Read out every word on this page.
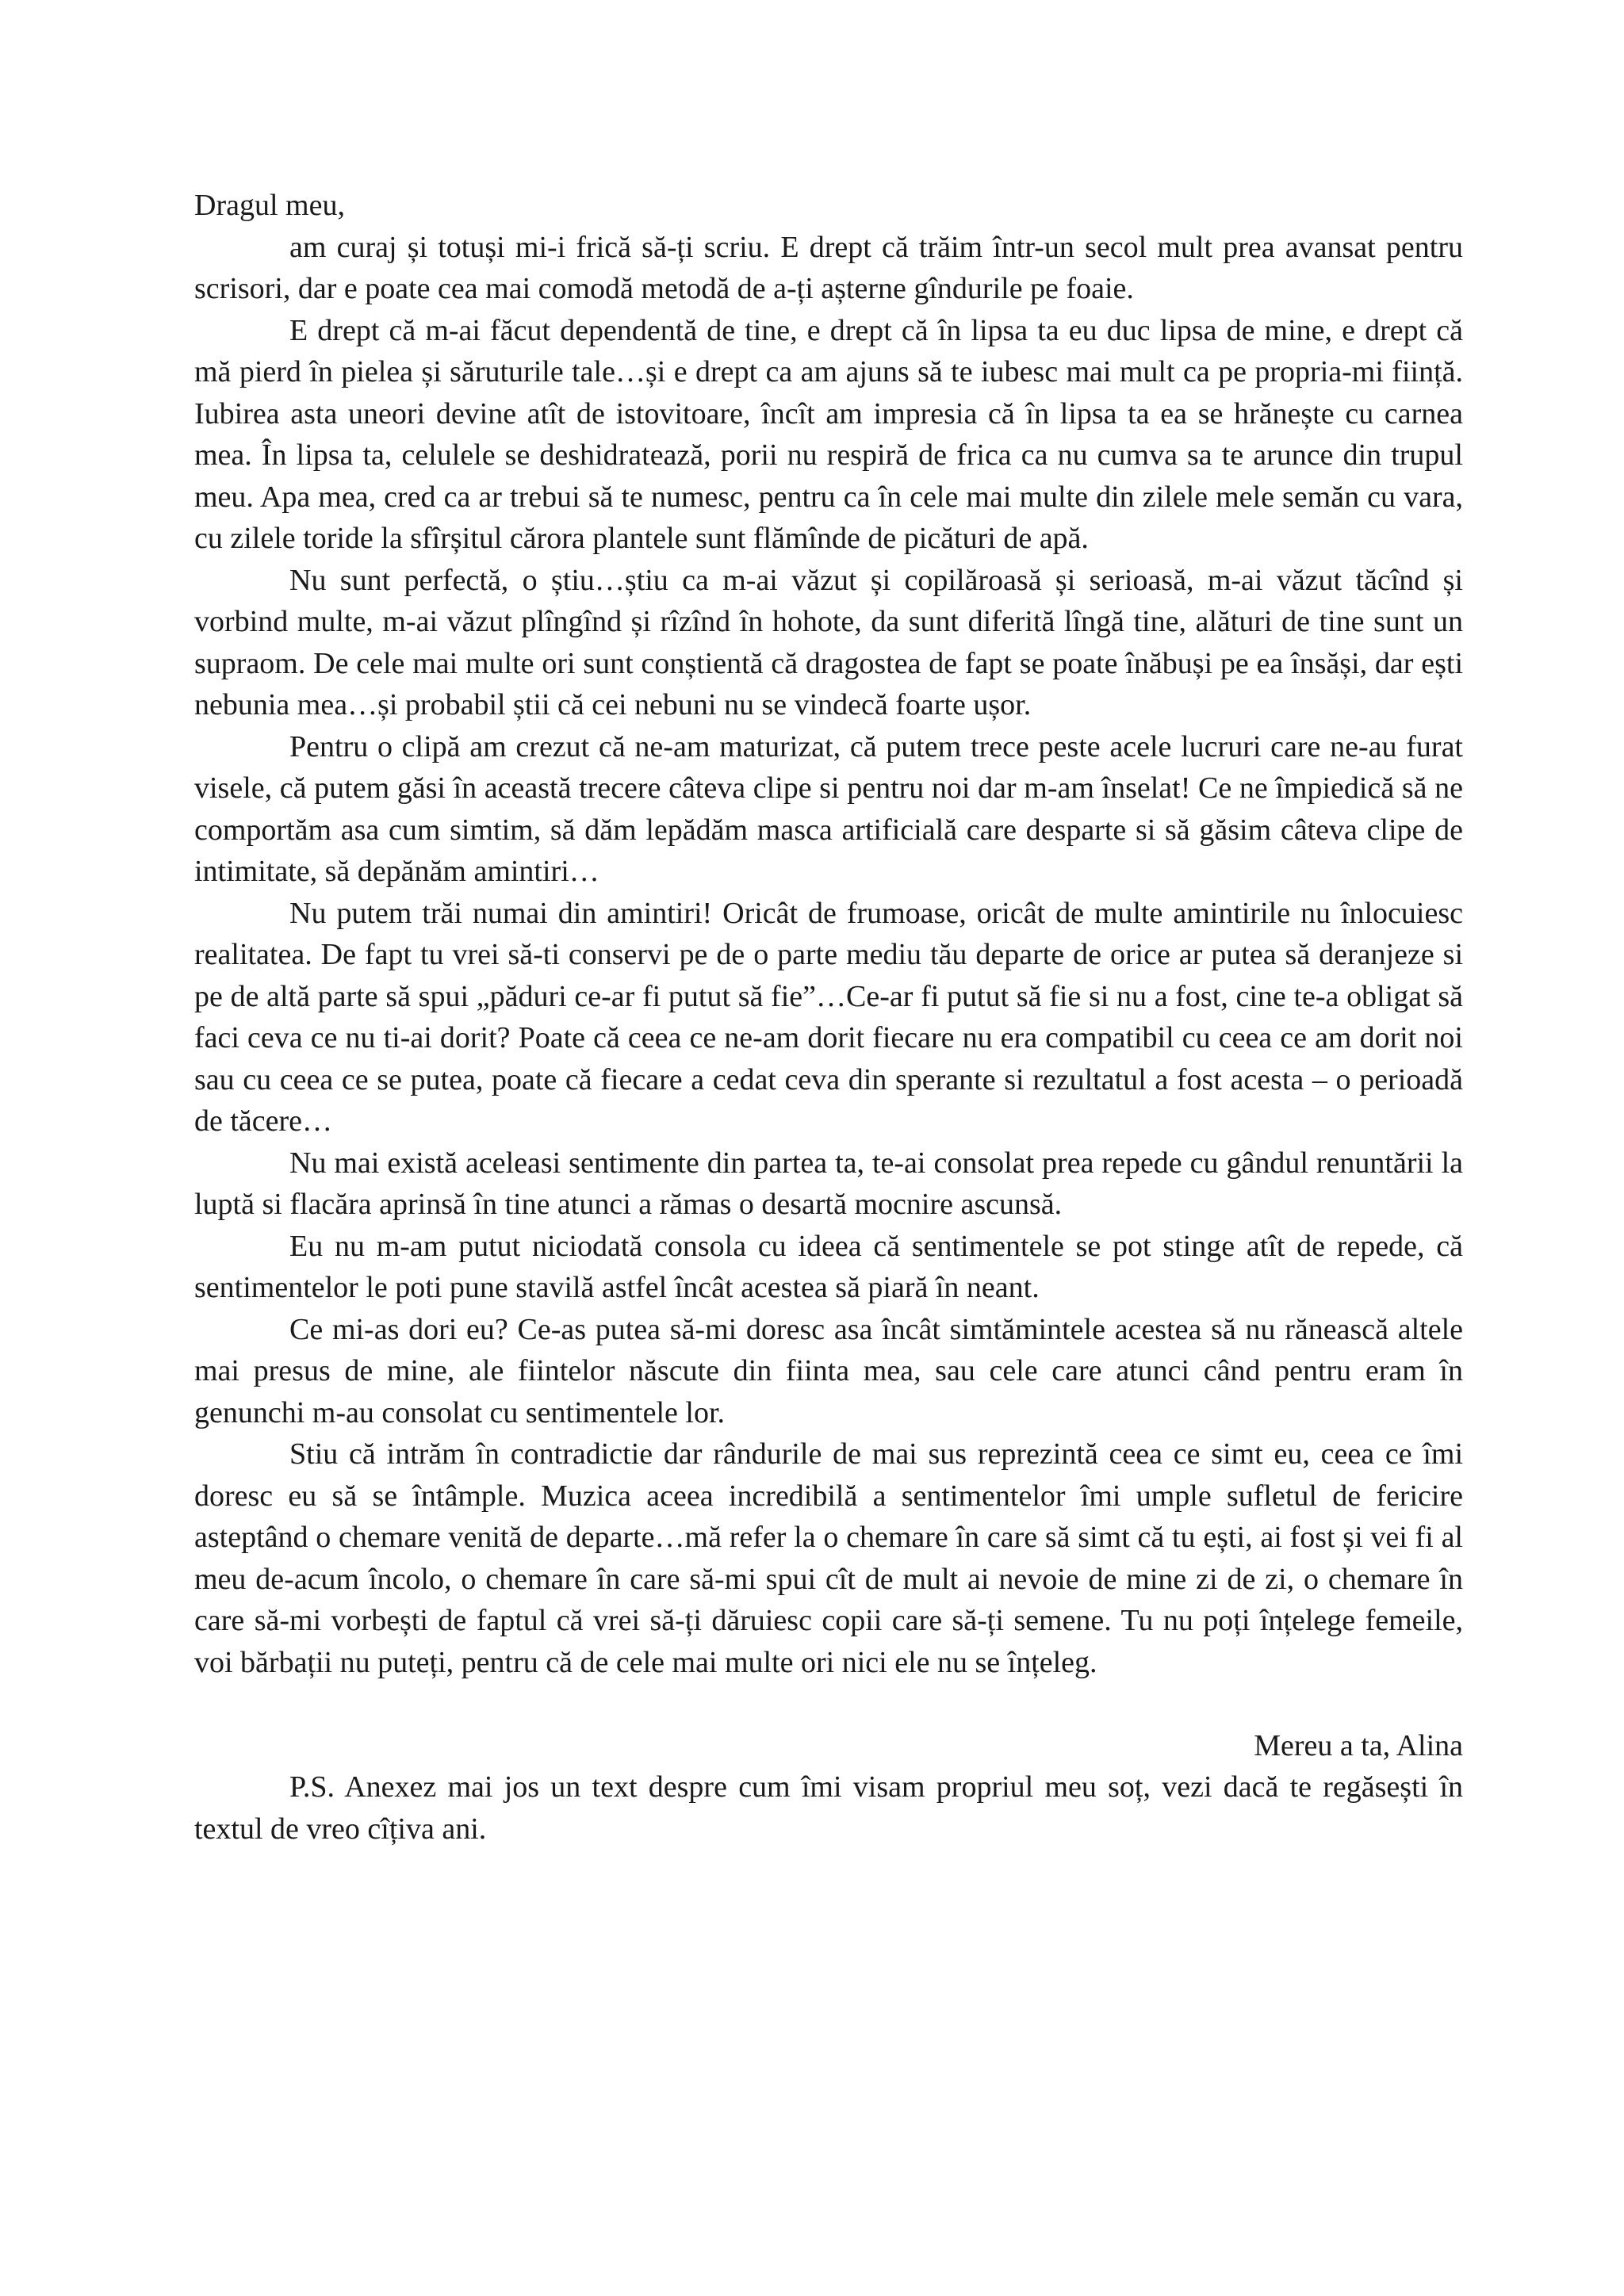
Dragul meu,

am curaj și totuși mi-i frică să-ți scriu. E drept că trăim într-un secol mult prea avansat pentru scrisori, dar e poate cea mai comodă metodă de a-ți așterne gîndurile pe foaie.

E drept că m-ai făcut dependentă de tine, e drept că în lipsa ta eu duc lipsa de mine, e drept că mă pierd în pielea și săruturile tale…și e drept ca am ajuns să te iubesc mai mult ca pe propria-mi ființă. Iubirea asta uneori devine atît de istovitoare, încît am impresia că în lipsa ta ea se hrănește cu carnea mea. În lipsa ta, celulele se deshidratează, porii nu respiră de frica ca nu cumva sa te arunce din trupul meu. Apa mea, cred ca ar trebui să te numesc, pentru ca în cele mai multe din zilele mele semăn cu vara, cu zilele toride la sfîrșitul cărora plantele sunt flămînde de picături de apă.

Nu sunt perfectă, o știu…știu ca m-ai văzut și copilăroasă și serioasă, m-ai văzut tăcînd și vorbind multe, m-ai văzut plîngînd și rîzînd în hohote, da sunt diferită lîngă tine, alături de tine sunt un supraom. De cele mai multe ori sunt conștientă că dragostea de fapt se poate înăbuși pe ea însăși, dar ești nebunia mea…și probabil știi că cei nebuni nu se vindecă foarte ușor.

Pentru o clipă am crezut că ne-am maturizat, că putem trece peste acele lucruri care ne-au furat visele, că putem găsi în această trecere câteva clipe si pentru noi dar m-am înselat! Ce ne împiedică să ne comportăm asa cum simtim, să dăm lepădăm masca artificială care desparte si să găsim câteva clipe de intimitate, să depănăm amintiri…

Nu putem trăi numai din amintiri! Oricât de frumoase, oricât de multe amintirile nu înlocuiesc realitatea. De fapt tu vrei să-ti conservi pe de o parte mediu tău departe de orice ar putea să deranjeze si pe de altă parte să spui „păduri ce-ar fi putut să fie”…Ce-ar fi putut să fie si nu a fost, cine te-a obligat să faci ceva ce nu ti-ai dorit? Poate că ceea ce ne-am dorit fiecare nu era compatibil cu ceea ce am dorit noi sau cu ceea ce se putea, poate că fiecare a cedat ceva din sperante si rezultatul a fost acesta – o perioadă de tăcere…

Nu mai există aceleasi sentimente din partea ta, te-ai consolat prea repede cu gândul renuntării la luptă si flacăra aprinsă în tine atunci a rămas o desartă mocnire ascunsă.

Eu nu m-am putut niciodată consola cu ideea că sentimentele se pot stinge atît de repede, că sentimentelor le poti pune stavilă astfel încât acestea să piară în neant.

Ce mi-as dori eu? Ce-as putea să-mi doresc asa încât simtămintele acestea să nu rănească altele mai presus de mine, ale fiintelor născute din fiinta mea, sau cele care atunci când pentru eram în genunchi m-au consolat cu sentimentele lor.

Stiu că intrăm în contradictie dar rândurile de mai sus reprezintă ceea ce simt eu, ceea ce îmi doresc eu să se întâmple. Muzica aceea incredibilă a sentimentelor îmi umple sufletul de fericire asteptând o chemare venită de departe…mă refer la o chemare în care să simt că tu ești, ai fost și vei fi al meu de-acum încolo, o chemare în care să-mi spui cît de mult ai nevoie de mine zi de zi, o chemare în care să-mi vorbești de faptul că vrei să-ți dăruiesc copii care să-ți semene. Tu nu poți înțelege femeile, voi bărbații nu puteți, pentru că de cele mai multe ori nici ele nu se înțeleg.

Mereu a ta, Alina

P.S. Anexez mai jos un text despre cum îmi visam propriul meu soț, vezi dacă te regăsești în textul de vreo cîțiva ani.
